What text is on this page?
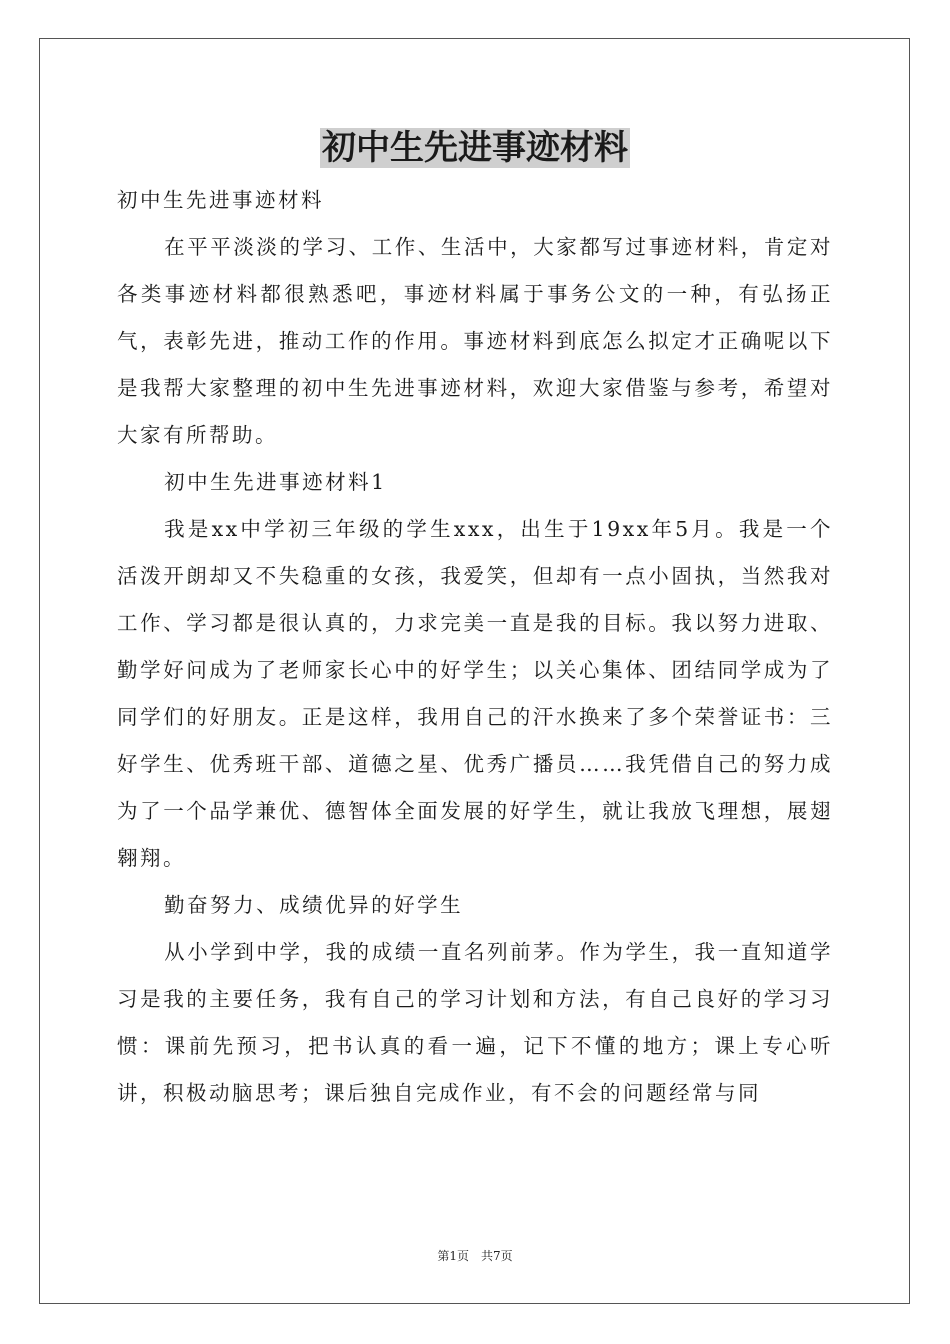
初中生先进事迹材料

初中生先进事迹材料

在平平淡淡的学习、工作、生活中，大家都写过事迹材料，肯定对各类事迹材料都很熟悉吧，事迹材料属于事务公文的一种，有弘扬正气，表彰先进，推动工作的作用。事迹材料到底怎么拟定才正确呢以下是我帮大家整理的初中生先进事迹材料，欢迎大家借鉴与参考，希望对大家有所帮助。

初中生先进事迹材料1

我是xx中学初三年级的学生xxx，出生于19xx年5月。我是一个活泼开朗却又不失稳重的女孩，我爱笑，但却有一点小固执，当然我对工作、学习都是很认真的，力求完美一直是我的目标。我以努力进取、勤学好问成为了老师家长心中的好学生；以关心集体、团结同学成为了同学们的好朋友。正是这样，我用自己的汗水换来了多个荣誉证书：三好学生、优秀班干部、道德之星、优秀广播员……我凭借自己的努力成为了一个品学兼优、德智体全面发展的好学生，就让我放飞理想，展翅翱翔。

勤奋努力、成绩优异的好学生

从小学到中学，我的成绩一直名列前茅。作为学生，我一直知道学习是我的主要任务，我有自己的学习计划和方法，有自己良好的学习习惯：课前先预习，把书认真的看一遍，记下不懂的地方；课上专心听讲，积极动脑思考；课后独自完成作业，有不会的问题经常与同

第1页 共7页
